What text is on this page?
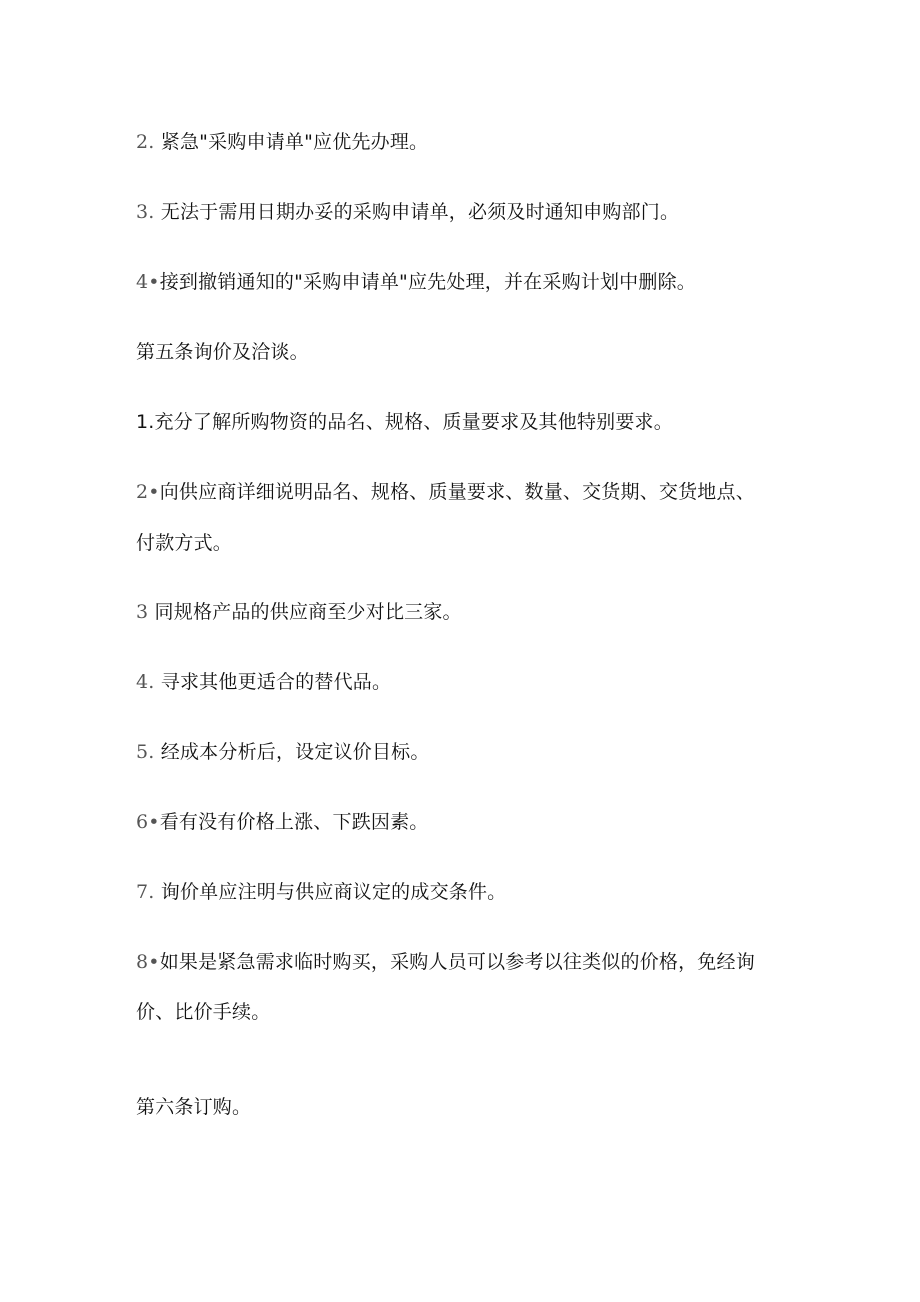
2. 紧急"采购申请单"应优先办理。
3. 无法于需用日期办妥的采购申请单，必须及时通知申购部门。
4•接到撤销通知的"采购申请单"应先处理，并在采购计划中删除。
第五条询价及洽谈。
1.充分了解所购物资的品名、规格、质量要求及其他特别要求。
2•向供应商详细说明品名、规格、质量要求、数量、交货期、交货地点、
付款方式。
3 同规格产品的供应商至少对比三家。
4. 寻求其他更适合的替代品。
5. 经成本分析后，设定议价目标。
6•看有没有价格上涨、下跌因素。
7. 询价单应注明与供应商议定的成交条件。
8•如果是紧急需求临时购买，采购人员可以参考以往类似的价格，免经询
价、比价手续。
第六条订购。
